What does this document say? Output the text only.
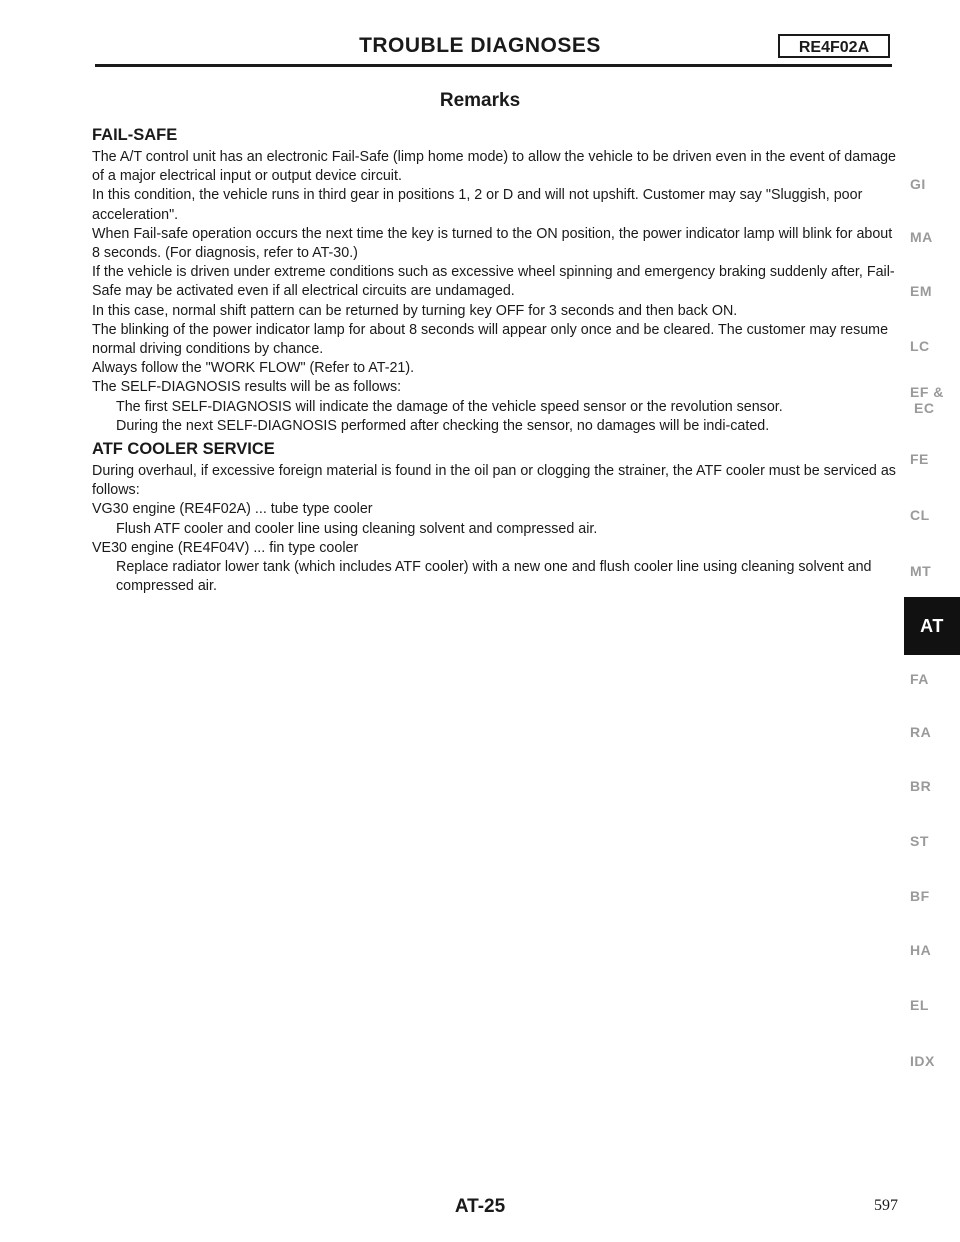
TROUBLE DIAGNOSES	RE4F02A
Remarks
FAIL-SAFE

The A/T control unit has an electronic Fail-Safe (limp home mode) to allow the vehicle to be driven even in the event of damage of a major electrical input or output device circuit.

In this condition, the vehicle runs in third gear in positions 1, 2 or D and will not upshift. Customer may say "Sluggish, poor acceleration".

When Fail-safe operation occurs the next time the key is turned to the ON position, the power indicator lamp will blink for about 8 seconds. (For diagnosis, refer to AT-30.)

If the vehicle is driven under extreme conditions such as excessive wheel spinning and emergency braking suddenly after, Fail-Safe may be activated even if all electrical circuits are undamaged.

In this case, normal shift pattern can be returned by turning key OFF for 3 seconds and then back ON.

The blinking of the power indicator lamp for about 8 seconds will appear only once and be cleared. The customer may resume normal driving conditions by chance.

Always follow the "WORK FLOW" (Refer to AT-21).

The SELF-DIAGNOSIS results will be as follows:

The first SELF-DIAGNOSIS will indicate the damage of the vehicle speed sensor or the revolution sensor.

During the next SELF-DIAGNOSIS performed after checking the sensor, no damages will be indi-cated.

ATF COOLER SERVICE

During overhaul, if excessive foreign material is found in the oil pan or clogging the strainer, the ATF cooler must be serviced as follows:

VG30 engine (RE4F02A) ... tube type cooler

Flush ATF cooler and cooler line using cleaning solvent and compressed air.

VE30 engine (RE4F04V) ... fin type cooler

Replace radiator lower tank (which includes ATF cooler) with a new one and flush cooler line using cleaning solvent and compressed air.

GI
MA
EM
LC
EF &
EC
FE
CL
MT
AT
FA
RA
BR
ST
BF
HA
EL
IDX
AT-25	597
